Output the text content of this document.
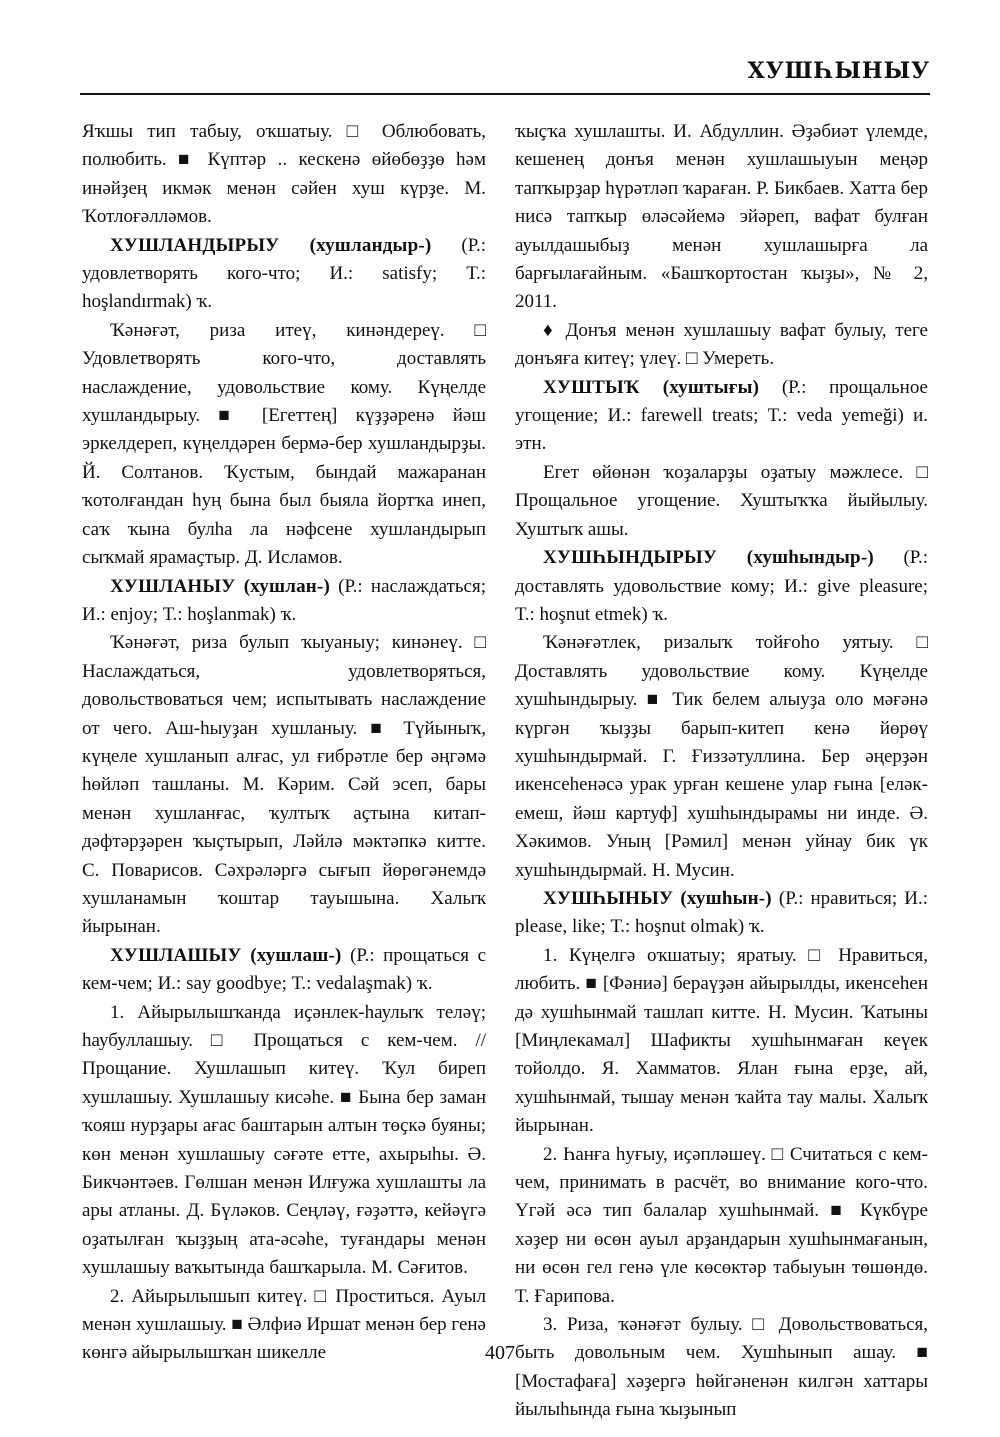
ХУШҺЫНЫУ

Яҡшы тип табыу, оҡшатыу. □ Облюбовать, полюбить. ■ Күптәр .. кескенә өйөбөҙҙө һәм инәйҙең икмәк менән сәйен хуш күрҙе. М. Ҡотлоғәлләмов.

ХУШЛАНДЫРЫУ (хушландыр-) (Р.: удовлетворять кого-что; И.: satisfy; Т.: hoşlandırmak) ҡ.

Ҡәнәғәт, риза итеү, кинәндереү. □ Удовлетворять кого-что, доставлять наслаждение, удовольствие кому. Күңелде хушландырыу. ■ [Егеттең] күҙҙәренә йәш эркелдереп, күңелдәрен бермә-бер хушландырҙы. Й. Солтанов. Ҡустым, бындай мажаранан ҡотолғандан һуң бына был быяла йортҡа инеп, саҡ ҡына булһа ла нәфсене хушландырып сыҡмай ярамаҫтыр. Д. Исламов.

ХУШЛАНЫУ (хушлан-) (Р.: наслаждаться; И.: enjoy; Т.: hoşlanmak) ҡ.

Ҡәнәғәт, риза булып ҡыуаныу; кинәнеү. □ Наслаждаться, удовлетворяться, довольствоваться чем; испытывать наслаждение от чего. Аш-һыуҙан хушланыу. ■ Түйыныҡ, күңеле хушланып алғас, ул ғибрәтле бер әңгәмә һөйләп ташланы. М. Кәрим. Сәй эсеп, бары менән хушланғас, ҡултыҡ аҫтына китап-дәфтәрҙәрен ҡыҫтырып, Ләйлә мәктәпкә китте. С. Поварисов. Сәхрәләргә сығып йөрөгәнемдә хушланамын ҡоштар тауышына. Халыҡ йырынан.

ХУШЛАШЫУ (хушлаш-) (Р.: прощаться с кем-чем; И.: say goodbye; Т.: vedalaşmak) ҡ.

1. Айырылышҡанда иҫәнлек-һаулыҡ теләү; һаубуллашыу. □ Прощаться с кем-чем. // Прощание. Хушлашып китеү. Ҡул биреп хушлашыу. Хушлашыу кисәһе. ■ Бына бер заман ҡояш нурҙары ағас баштарын алтын төҫкә буяны; көн менән хушлашыу сәғәте етте, ахырыһы. Ә. Бикчәнтәев. Гөлшан менән Илғужа хушлашты ла ары атланы. Д. Бүләков. Сеңләү, ғәҙәттә, кейәүгә оҙатылған ҡыҙҙың ата-әсәһе, туғандары менән хушлашыу ваҡытында башҡарыла. М. Сәғитов.

2. Айырылышып китеү. □ Проститься. Ауыл менән хушлашыу. ■ Әлфиә Иршат менән бер генә көнгә айырылышҡан шикелле

ҡыҫҡа хушлашты. И. Абдуллин. Әҙәбиәт үлемде, кешенең донъя менән хушлашыуын меңәр тапҡырҙар һүрәтләп ҡараған. Р. Бикбаев. Хатта бер нисә тапҡыр өләсәйемә эйәреп, вафат булған ауылдашыбыҙ менән хушлашырға ла барғылағайным. «Башҡортостан ҡыҙы», № 2, 2011.

♦ Донъя менән хушлашыу вафат булыу, теге донъяға китеү; үлеү. □ Умереть.

ХУШТЫҠ (хуштығы) (Р.: прощальное угощение; И.: farewell treats; Т.: veda yemeği) и. этн.

Егет өйөнән ҡоҙаларҙы оҙатыу мәжлесе. □ Прощальное угощение. Хуштыҡҡа йыйылыу. Хуштыҡ ашы.

ХУШҺЫНДЫРЫУ (хушһындыр-) (Р.: доставлять удовольствие кому; И.: give pleasure; Т.: hoşnut etmek) ҡ.

Ҡәнәғәтлек, ризалыҡ тойғоһо уятыу. □ Доставлять удовольствие кому. Күңелде хушһындырыу. ■ Тик белем алыуҙа оло мәғәнә күргән ҡыҙҙы барып-китеп кенә йөрөү хушһындырмай. Г. Ғиззәтуллина. Бер әңерҙән икенсеһенәсә урак урған кешене улар ғына [еләк-емеш, йәш картуф] хушһындырамы ни инде. Ә. Хәкимов. Уның [Рәмил] менән уйнау бик үк хушһындырмай. Н. Мусин.

ХУШҺЫНЫУ (хушһын-) (Р.: нравиться; И.: please, like; Т.: hoşnut olmak) ҡ.

1. Күңелгә оҡшатыу; яратыу. □ Нравиться, любить. ■ [Фәниә] бераүҙән айырылды, икенсеһен дә хушһынмай ташлап китте. Н. Мусин. Ҡатыны [Миңлекамал] Шафикты хушһынмаған кеүек тойолдо. Я. Хамматов. Ялан ғына ерҙе, ай, хушһынмай, тышау менән ҡайта тау малы. Халыҡ йырынан.

2. Һанға һуғыу, иҫәпләшеү. □ Считаться с кем-чем, принимать в расчёт, во внимание кого-что. Үгәй әсә тип балалар хушһынмай. ■ Күкбүре хәҙер ни өсөн ауыл арҙандарын хушһынмағанын, ни өсөн гел генә үле көсөктәр табыуын төшөндө. Т. Ғарипова.

3. Риза, ҡәнәғәт булыу. □ Довольствоваться, быть довольным чем. Хушһынып ашау. ■ [Мостафаға] хәҙергә һөйгәненән килгән хаттары йылыһында ғына ҡыҙынып

407
